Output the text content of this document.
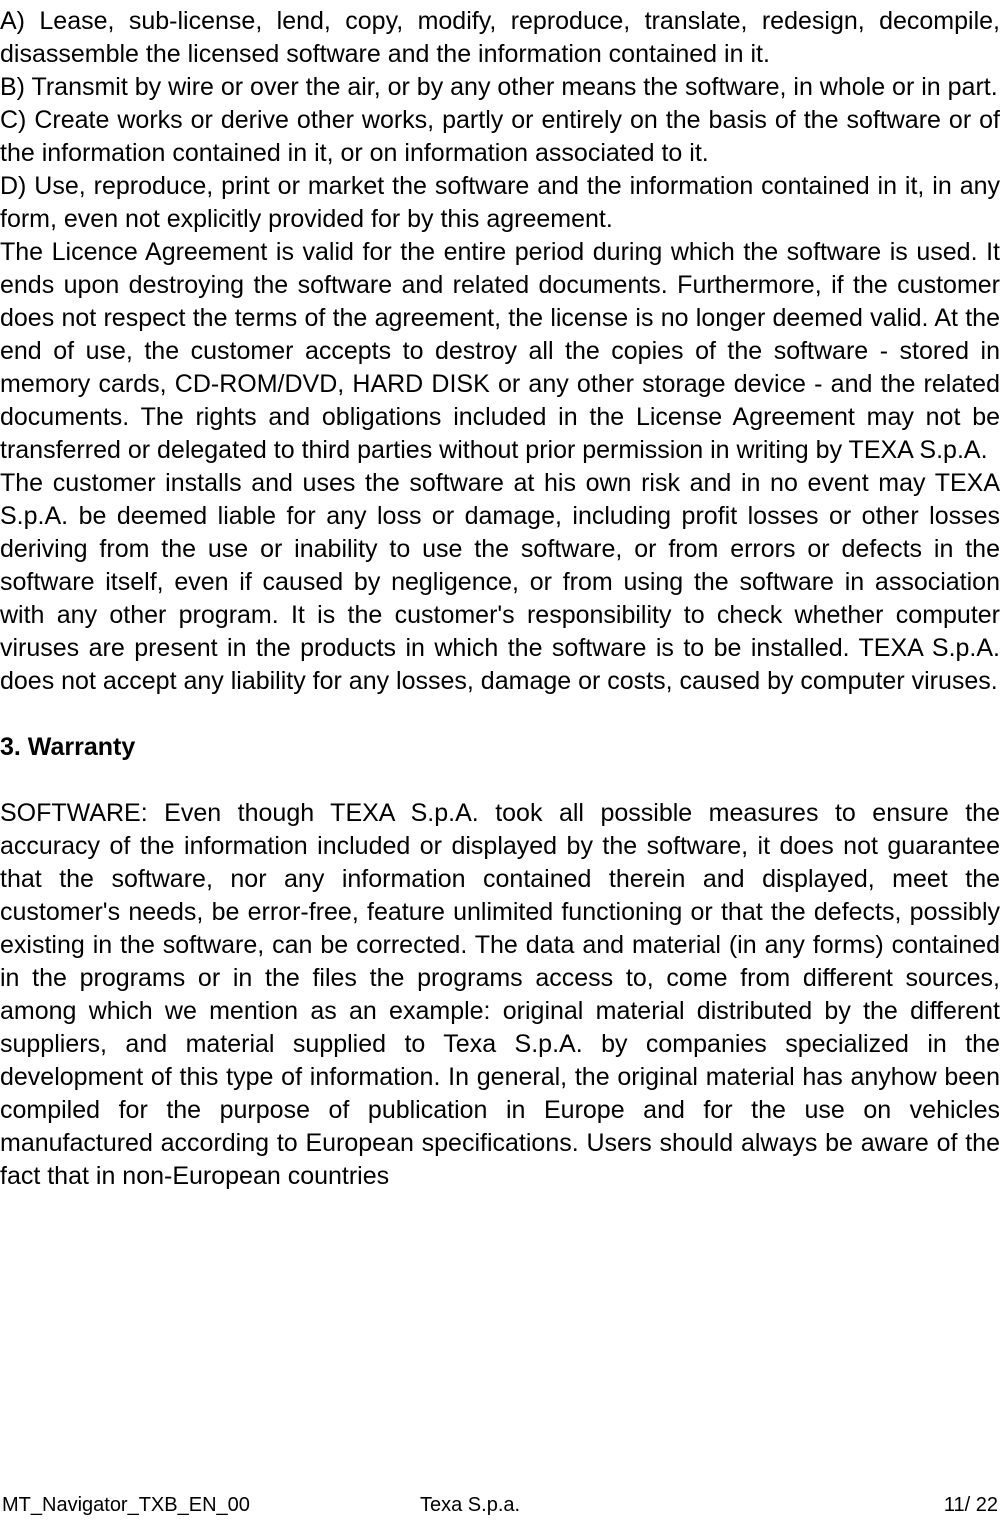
A) Lease, sub-license, lend, copy, modify, reproduce, translate, redesign, decompile, disassemble the licensed software and the information contained in it.

B) Transmit by wire or over the air, or by any other means the software, in whole or in part.

C) Create works or derive other works, partly or entirely on the basis of the software or of the information contained in it, or on information associated to it.

D) Use, reproduce, print or market the software and the information contained in it, in any form, even not explicitly provided for by this agreement.

The Licence Agreement is valid for the entire period during which the software is used. It ends upon destroying the software and related documents. Furthermore, if the customer does not respect the terms of the agreement, the license is no longer deemed valid. At the end of use, the customer accepts to destroy all the copies of the software - stored in memory cards, CD-ROM/DVD, HARD DISK or any other storage device - and the related documents. The rights and obligations included in the License Agreement may not be transferred or delegated to third parties without prior permission in writing by TEXA S.p.A.

The customer installs and uses the software at his own risk and in no event may TEXA S.p.A. be deemed liable for any loss or damage, including profit losses or other losses deriving from the use or inability to use the software, or from errors or defects in the software itself, even if caused by negligence, or from using the software in association with any other program. It is the customer's responsibility to check whether computer viruses are present in the products in which the software is to be installed. TEXA S.p.A. does not accept any liability for any losses, damage or costs, caused by computer viruses.

3. Warranty

SOFTWARE: Even though TEXA S.p.A. took all possible measures to ensure the accuracy of the information included or displayed by the software, it does not guarantee that the software, nor any information contained therein and displayed, meet the customer's needs, be error-free, feature unlimited functioning or that the defects, possibly existing in the software, can be corrected. The data and material (in any forms) contained in the programs or in the files the programs access to, come from different sources, among which we mention as an example: original material distributed by the different suppliers, and material supplied to Texa S.p.A. by companies specialized in the development of this type of information. In general, the original material has anyhow been compiled for the purpose of publication in Europe and for the use on vehicles manufactured according to European specifications. Users should always be aware of the fact that in non-European countries

MT_Navigator_TXB_EN_00	Texa S.p.a.	11/ 22
